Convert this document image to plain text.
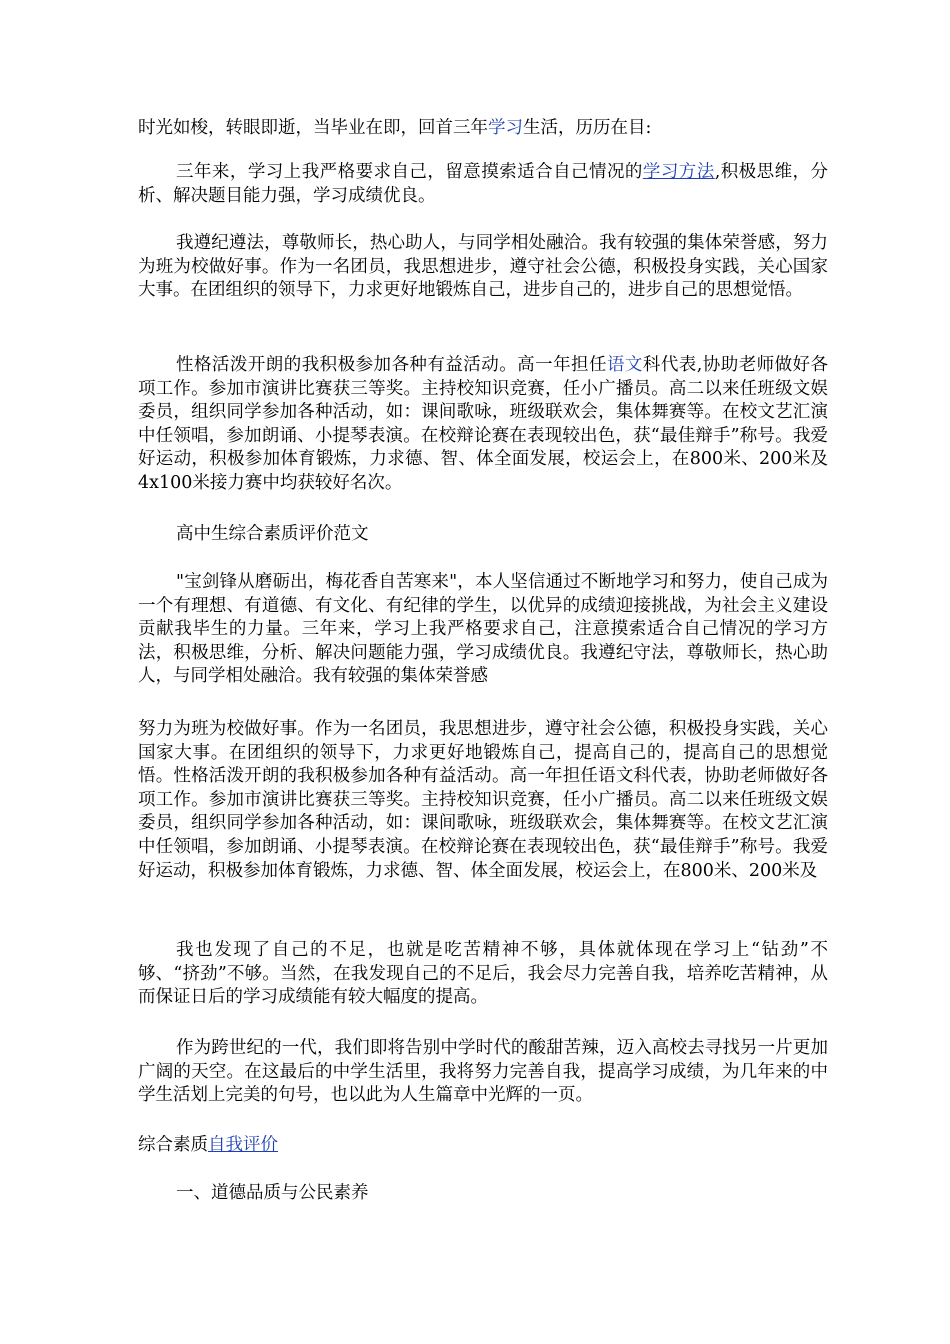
时光如梭，转眼即逝，当毕业在即，回首三年学习生活，历历在目:

三年来，学习上我严格要求自己，留意摸索适合自己情况的学习方法,积极思维，分析、解决题目能力强，学习成绩优良。

我遵纪遵法，尊敬师长，热心助人，与同学相处融洽。我有较强的集体荣誉感，努力为班为校做好事。作为一名团员，我思想进步，遵守社会公德，积极投身实践，关心国家大事。在团组织的领导下，力求更好地锻炼自己，进步自己的，进步自己的思想觉悟。

性格活泼开朗的我积极参加各种有益活动。高一年担任语文科代表,协助老师做好各项工作。参加市演讲比赛获三等奖。主持校知识竞赛，任小广播员。高二以来任班级文娱委员，组织同学参加各种活动，如：课间歌咏，班级联欢会，集体舞赛等。在校文艺汇演中任领唱，参加朗诵、小提琴表演。在校辩论赛在表现较出色，获“最佳辩手”称号。我爱好运动，积极参加体育锻炼，力求德、智、体全面发展，校运会上，在800米、200米及4x100米接力赛中均获较好名次。

高中生综合素质评价范文

"宝剑锋从磨砺出，梅花香自苦寒来"，本人坚信通过不断地学习和努力，使自己成为一个有理想、有道德、有文化、有纪律的学生，以优异的成绩迎接挑战，为社会主义建设贡献我毕生的力量。三年来，学习上我严格要求自己，注意摸索适合自己情况的学习方法，积极思维，分析、解决问题能力强，学习成绩优良。我遵纪守法，尊敬师长，热心助人，与同学相处融洽。我有较强的集体荣誉感

努力为班为校做好事。作为一名团员，我思想进步，遵守社会公德，积极投身实践，关心国家大事。在团组织的领导下，力求更好地锻炼自己，提高自己的，提高自己的思想觉悟。性格活泼开朗的我积极参加各种有益活动。高一年担任语文科代表，协助老师做好各项工作。参加市演讲比赛获三等奖。主持校知识竞赛，任小广播员。高二以来任班级文娱委员，组织同学参加各种活动，如：课间歌咏，班级联欢会，集体舞赛等。在校文艺汇演中任领唱，参加朗诵、小提琴表演。在校辩论赛在表现较出色，获“最佳辩手”称号。我爱好运动，积极参加体育锻炼，力求德、智、体全面发展，校运会上，在800米、200米及

我也发现了自己的不足，也就是吃苦精神不够，具体就体现在学习上“钻劲”不够、“挤劲”不够。当然，在我发现自己的不足后，我会尽力完善自我，培养吃苦精神，从而保证日后的学习成绩能有较大幅度的提高。

作为跨世纪的一代，我们即将告别中学时代的酸甜苦辣，迈入高校去寻找另一片更加广阔的天空。在这最后的中学生活里，我将努力完善自我，提高学习成绩，为几年来的中学生活划上完美的句号，也以此为人生篇章中光辉的一页。

综合素质自我评价

一、道德品质与公民素养
